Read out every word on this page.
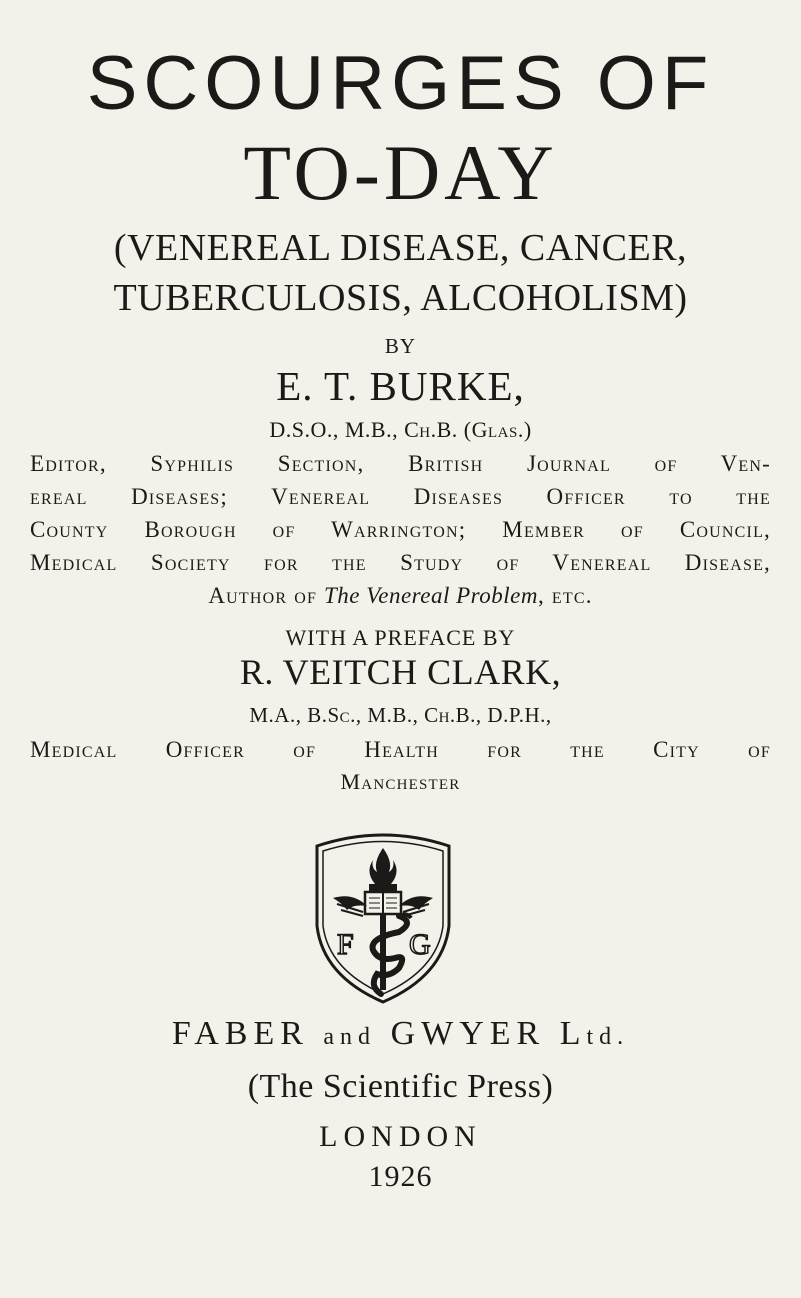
SCOURGES OF
TO-DAY
(VENEREAL DISEASE, CANCER,
TUBERCULOSIS, ALCOHOLISM)
BY
E. T. BURKE,
D.S.O., M.B., Ch.B. (Glas.)
Editor, Syphilis Section, British Journal of Ven-
ereal Diseases; Venereal Diseases Officer to the
County Borough of Warrington; Member of Council,
Medical Society for the Study of Venereal Disease,
Author of The Venereal Problem, etc.
WITH A PREFACE BY
R. VEITCH CLARK,
M.A., B.Sc., M.B., Ch.B., D.P.H.,
Medical Officer of Health for the City of
Manchester
F G
FABER and GWYER Ltd.
(The Scientific Press)
LONDON
1926
